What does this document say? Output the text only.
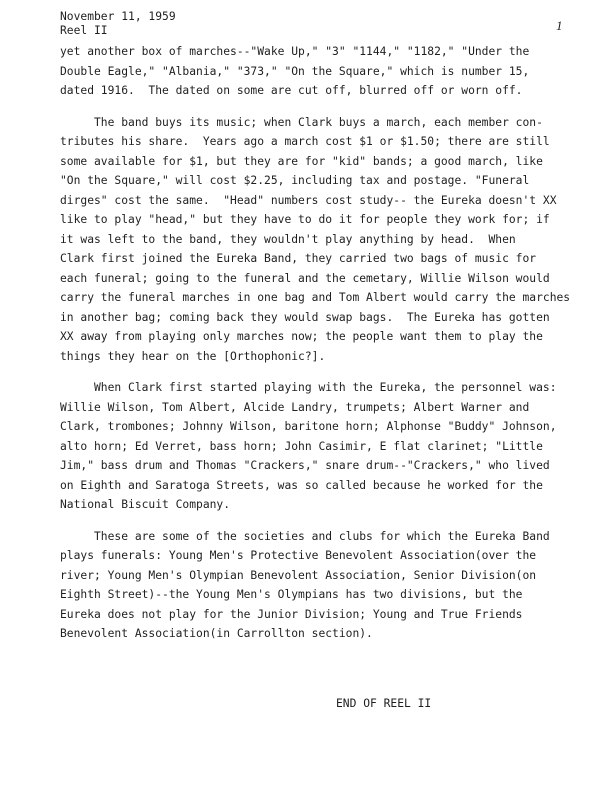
November 11, 1959
Reel II	1
yet another box of marches--"Wake Up," "3" "1144," "1182," "Under the
Double Eagle," "Albania," "373," "On the Square," which is number 15,
dated 1916.  The dated on some are cut off, blurred off or worn off.
The band buys its music; when Clark buys a march, each member con-
tributes his share.  Years ago a march cost $1 or $1.50; there are still
some available for $1, but they are for "kid" bands; a good march, like
"On the Square," will cost $2.25, including tax and postage. "Funeral
dirges" cost the same.  "Head" numbers cost study-- the Eureka doesn't XX
like to play "head," but they have to do it for people they work for; if
it was left to the band, they wouldn't play anything by head.  When
Clark first joined the Eureka Band, they carried two bags of music for
each funeral; going to the funeral and the cemetary, Willie Wilson would
carry the funeral marches in one bag and Tom Albert would carry the marches
in another bag; coming back they would swap bags.  The Eureka has gotten
XX away from playing only marches now; the people want them to play the
things they hear on the [Orthophonic?].
When Clark first started playing with the Eureka, the personnel was:
Willie Wilson, Tom Albert, Alcide Landry, trumpets; Albert Warner and
Clark, trombones; Johnny Wilson, baritone horn; Alphonse "Buddy" Johnson,
alto horn; Ed Verret, bass horn; John Casimir, E flat clarinet; "Little
Jim," bass drum and Thomas "Crackers," snare drum--"Crackers," who lived
on Eighth and Saratoga Streets, was so called because he worked for the
National Biscuit Company.
These are some of the societies and clubs for which the Eureka Band
plays funerals: Young Men's Protective Benevolent Association(over the
river; Young Men's Olympian Benevolent Association, Senior Division(on
Eighth Street)--the Young Men's Olympians has two divisions, but the
Eureka does not play for the Junior Division; Young and True Friends
Benevolent Association(in Carrollton section).
END OF REEL II
